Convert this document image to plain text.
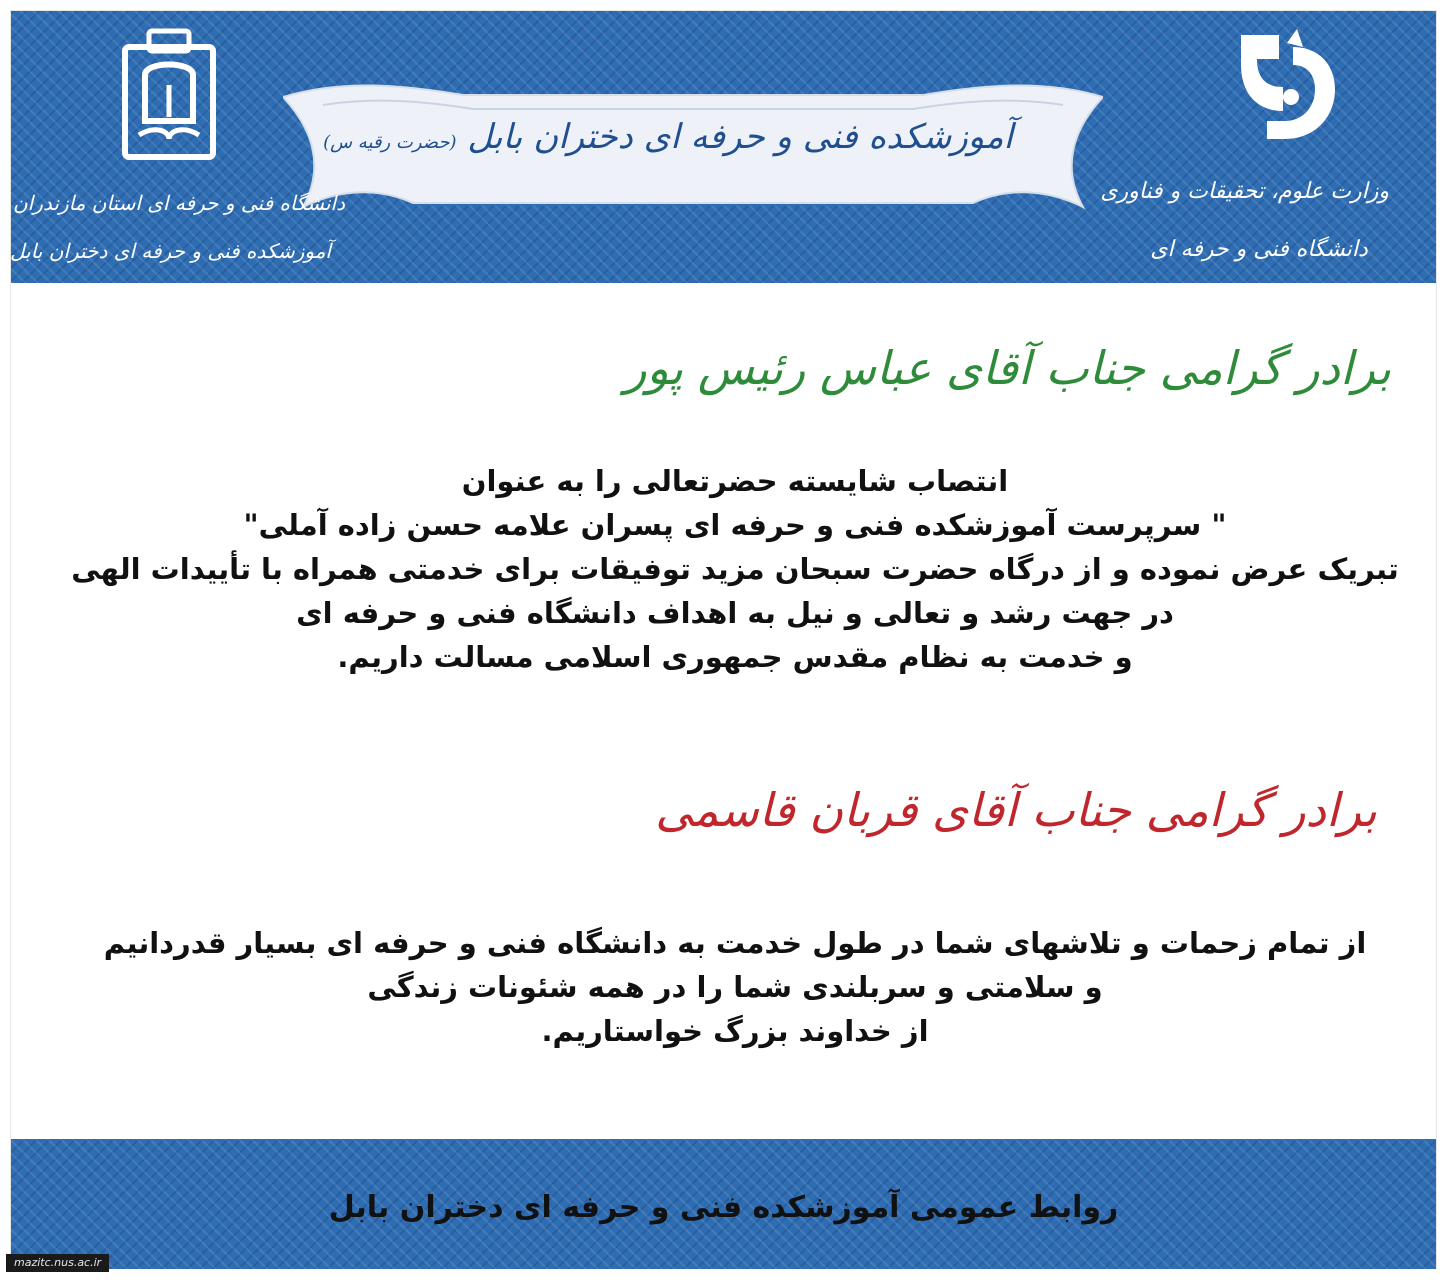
آموزشکده فنی و حرفه ای دختران بابل (حضرت رقیه س)
وزارت علوم، تحقیقات و فناوری
دانشگاه فنی و حرفه ای
دانشگاه فنی و حرفه ای استان مازندران
آموزشکده فنی و حرفه ای دختران بابل
برادر گرامی جناب آقای عباس رئیس پور
انتصاب شایسته حضرتعالی را به عنوان
" سرپرست آموزشکده فنی و حرفه ای پسران علامه حسن زاده آملی"
تبریک عرض نموده و از درگاه حضرت سبحان مزید توفیقات برای خدمتی همراه با تأییدات الهی
در جهت رشد و تعالی و نیل به اهداف دانشگاه فنی و حرفه ای
و خدمت به نظام مقدس جمهوری اسلامی مسالت داریم.
برادر گرامی جناب آقای قربان قاسمی
از تمام زحمات و تلاشهای شما در طول خدمت به دانشگاه فنی و حرفه ای بسیار قدردانیم
و سلامتی و سربلندی شما را در همه شئونات زندگی
از خداوند بزرگ خواستاریم.
روابط عمومی آموزشکده فنی و حرفه ای دختران بابل
mazitc.nus.ac.ir
